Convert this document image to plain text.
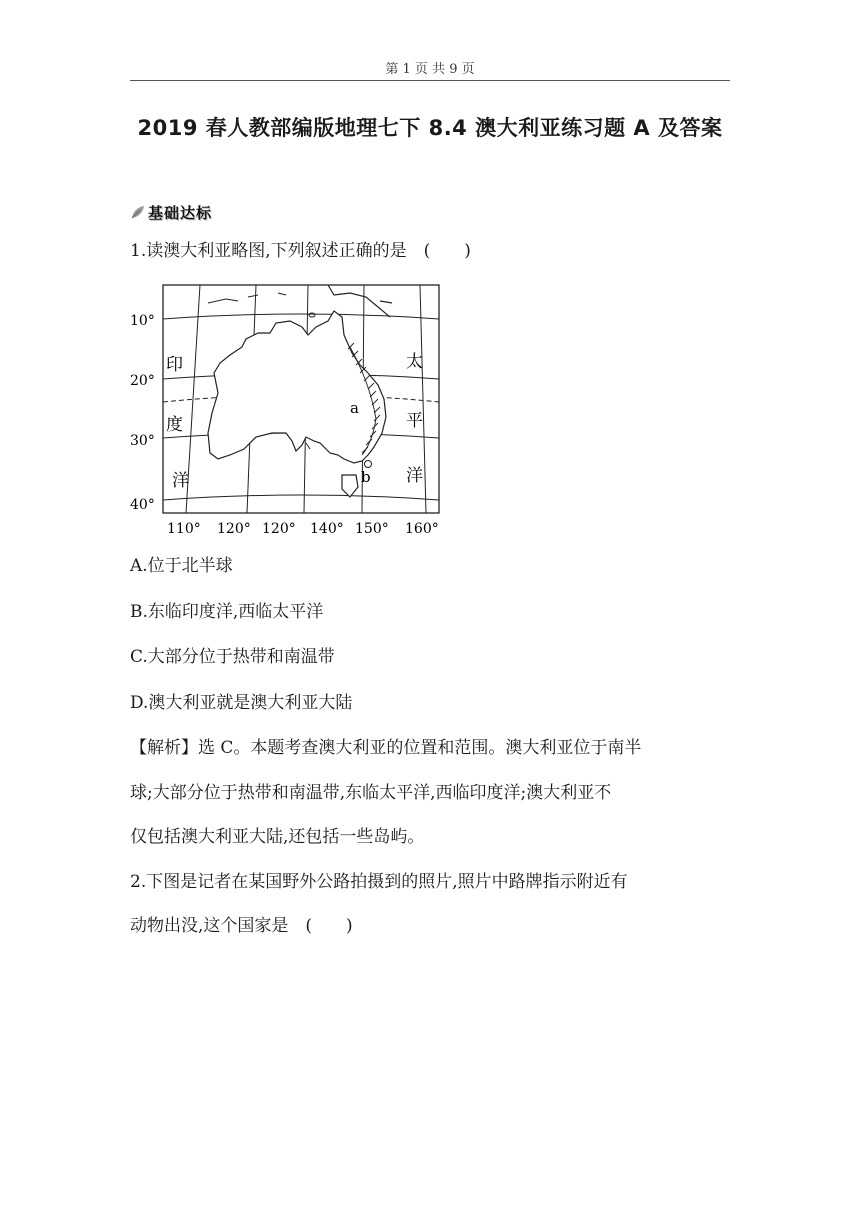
第 1 页 共 9 页
2019 春人教部编版地理七下 8.4 澳大利亚练习题 A 及答案
基础达标
1.读澳大利亚略图,下列叙述正确的是　(　　)
a
b
印
度
洋
太
平
洋
10°
20°
30°
40°
110° 120° 120° 140° 150° 160°
A.位于北半球
B.东临印度洋,西临太平洋
C.大部分位于热带和南温带
D.澳大利亚就是澳大利亚大陆
【解析】选 C。本题考查澳大利亚的位置和范围。澳大利亚位于南半
球;大部分位于热带和南温带,东临太平洋,西临印度洋;澳大利亚不
仅包括澳大利亚大陆,还包括一些岛屿。
2.下图是记者在某国野外公路拍摄到的照片,照片中路牌指示附近有
动物出没,这个国家是　(　　)
